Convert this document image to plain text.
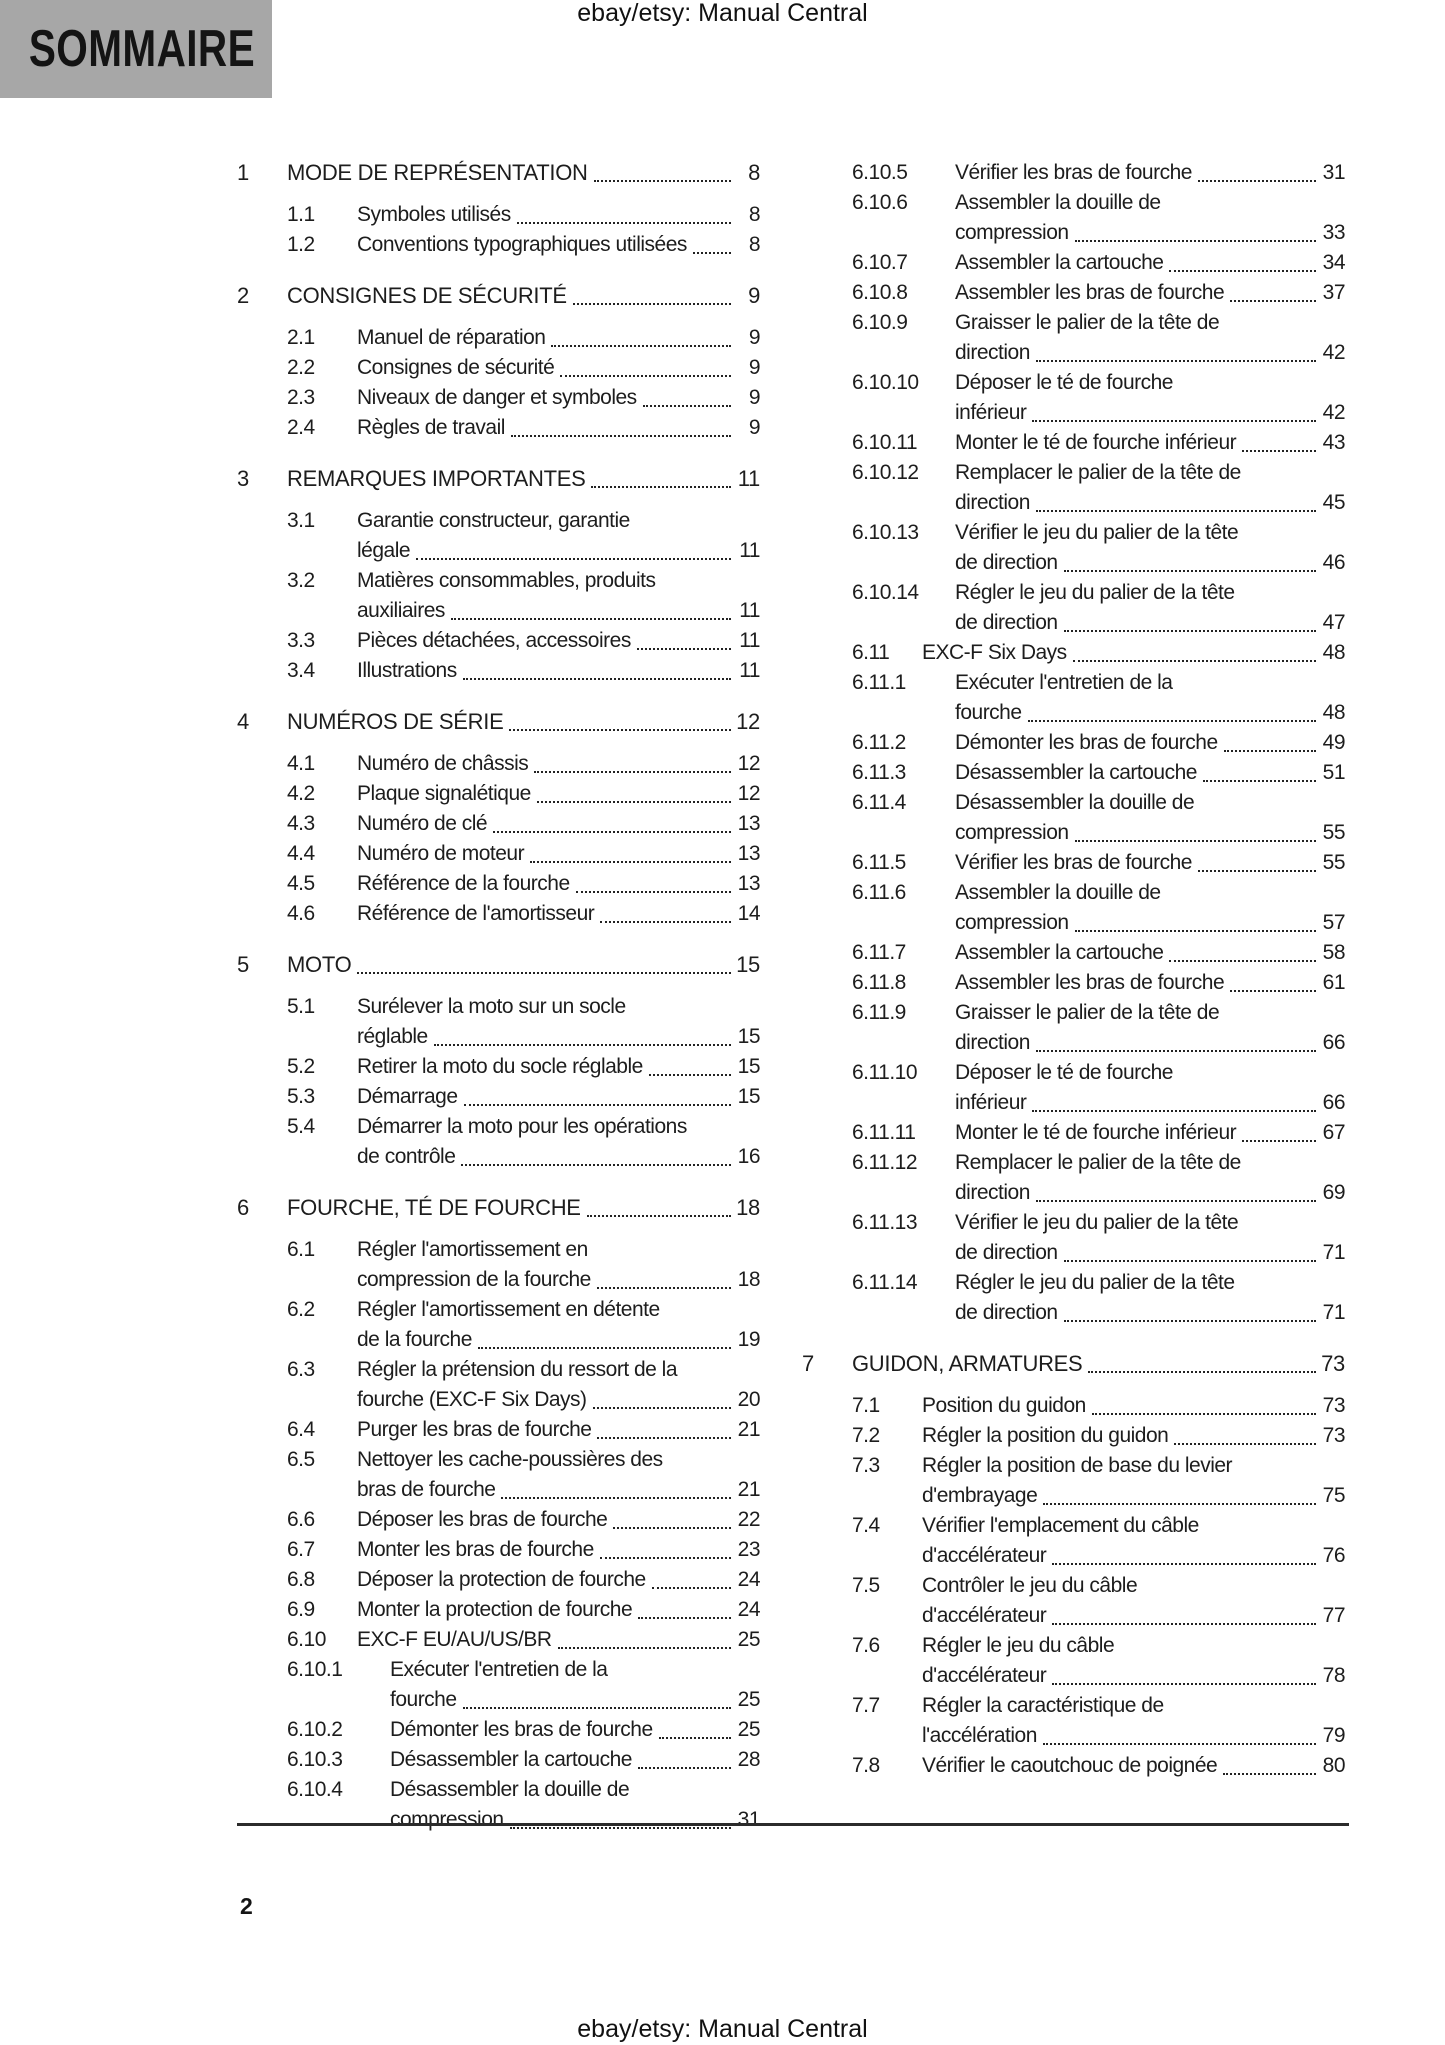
ebay/etsy: Manual Central
SOMMAIRE
1	MODE DE REPRÉSENTATION	8
1.1	Symboles utilisés	8
1.2	Conventions typographiques utilisées	8
2	CONSIGNES DE SÉCURITÉ	9
2.1	Manuel de réparation	9
2.2	Consignes de sécurité	9
2.3	Niveaux de danger et symboles	9
2.4	Règles de travail	9
3	REMARQUES IMPORTANTES	11
3.1	Garantie constructeur, garantie
légale	11
3.2	Matières consommables, produits
auxiliaires	11
3.3	Pièces détachées, accessoires	11
3.4	Illustrations	11
4	NUMÉROS DE SÉRIE	12
4.1	Numéro de châssis	12
4.2	Plaque signalétique	12
4.3	Numéro de clé	13
4.4	Numéro de moteur	13
4.5	Référence de la fourche	13
4.6	Référence de l'amortisseur	14
5	MOTO	15
5.1	Surélever la moto sur un socle
réglable	15
5.2	Retirer la moto du socle réglable	15
5.3	Démarrage	15
5.4	Démarrer la moto pour les opérations
de contrôle	16
6	FOURCHE, TÉ DE FOURCHE	18
6.1	Régler l'amortissement en
compression de la fourche	18
6.2	Régler l'amortissement en détente
de la fourche	19
6.3	Régler la prétension du ressort de la
fourche (EXC-F Six Days)	20
6.4	Purger les bras de fourche	21
6.5	Nettoyer les cache-poussières des
bras de fourche	21
6.6	Déposer les bras de fourche	22
6.7	Monter les bras de fourche	23
6.8	Déposer la protection de fourche	24
6.9	Monter la protection de fourche	24
6.10	EXC-F EU/AU/US/BR	25
6.10.1	Exécuter l'entretien de la
fourche	25
6.10.2	Démonter les bras de fourche	25
6.10.3	Désassembler la cartouche	28
6.10.4	Désassembler la douille de
compression	31
6.10.5	Vérifier les bras de fourche	31
6.10.6	Assembler la douille de
compression	33
6.10.7	Assembler la cartouche	34
6.10.8	Assembler les bras de fourche	37
6.10.9	Graisser le palier de la tête de
direction	42
6.10.10	Déposer le té de fourche
inférieur	42
6.10.11	Monter le té de fourche inférieur	43
6.10.12	Remplacer le palier de la tête de
direction	45
6.10.13	Vérifier le jeu du palier de la tête
de direction	46
6.10.14	Régler le jeu du palier de la tête
de direction	47
6.11	EXC-F Six Days	48
6.11.1	Exécuter l'entretien de la
fourche	48
6.11.2	Démonter les bras de fourche	49
6.11.3	Désassembler la cartouche	51
6.11.4	Désassembler la douille de
compression	55
6.11.5	Vérifier les bras de fourche	55
6.11.6	Assembler la douille de
compression	57
6.11.7	Assembler la cartouche	58
6.11.8	Assembler les bras de fourche	61
6.11.9	Graisser le palier de la tête de
direction	66
6.11.10	Déposer le té de fourche
inférieur	66
6.11.11	Monter le té de fourche inférieur	67
6.11.12	Remplacer le palier de la tête de
direction	69
6.11.13	Vérifier le jeu du palier de la tête
de direction	71
6.11.14	Régler le jeu du palier de la tête
de direction	71
7	GUIDON, ARMATURES	73
7.1	Position du guidon	73
7.2	Régler la position du guidon	73
7.3	Régler la position de base du levier
d'embrayage	75
7.4	Vérifier l'emplacement du câble
d'accélérateur	76
7.5	Contrôler le jeu du câble
d'accélérateur	77
7.6	Régler le jeu du câble
d'accélérateur	78
7.7	Régler la caractéristique de
l'accélération	79
7.8	Vérifier le caoutchouc de poignée	80
2
ebay/etsy: Manual Central
